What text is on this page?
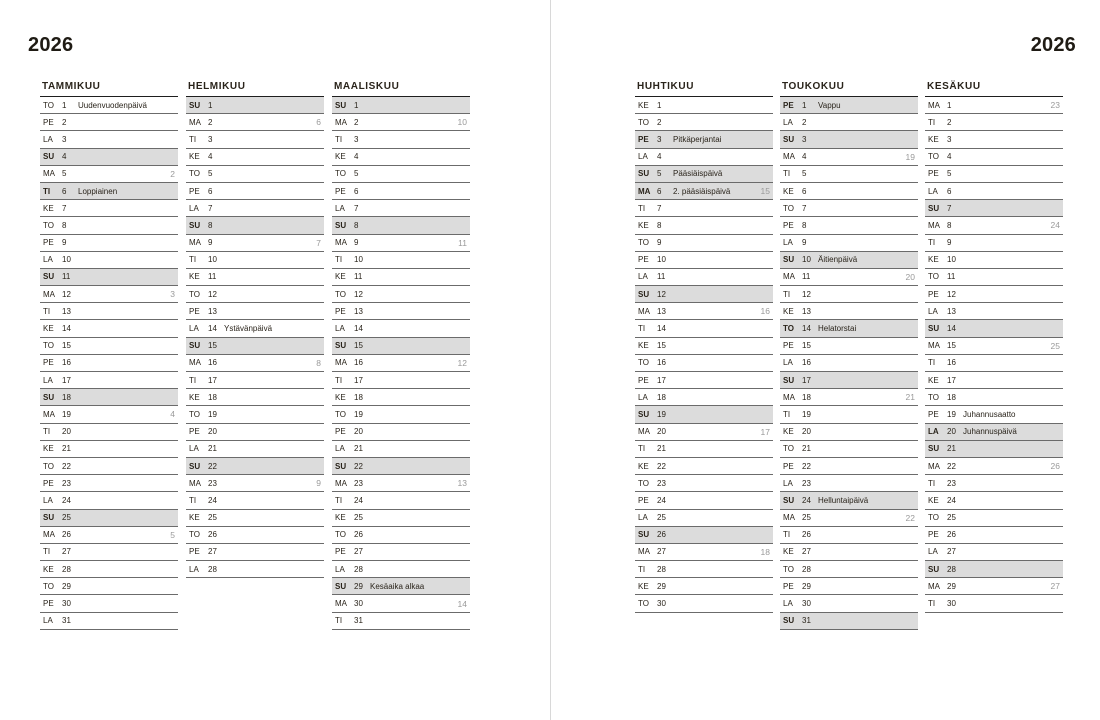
2026	2026
TAMMIKUU
TO	1	Uudenvuodenpäivä
PE	2
LA	3
SU 4
MA 5	2
TI	6	Loppiainen
KE	7
TO	8
PE	9
LA	10
SU 11
MA 12	3
TI	13
KE	14
TO	15
PE	16
LA	17
SU 18
MA 19	4
TI	20
KE	21
TO	22
PE	23
LA	24
SU 25
MA 26	5
TI	27
KE	28
TO	29
PE	30
LA	31
HELMIKUU
SU 1
MA 2	6
TI	3
KE	4
TO	5
PE	6
LA	7
SU 8
MA 9	7
TI	10
KE	11
TO	12
PE	13
LA	14 Ystävänpäivä
SU 15
MA 16	8
TI	17
KE	18
TO	19
PE	20
LA	21
SU 22
MA 23	9
TI	24
KE	25
TO	26
PE	27
LA	28
MAALISKUU
SU 1
MA 2	10
TI	3
KE	4
TO	5
PE	6
LA	7
SU 8
MA 9	11
TI	10
KE	11
TO	12
PE	13
LA	14
SU 15
MA 16	12
TI	17
KE	18
TO	19
PE	20
LA	21
SU 22
MA 23	13
TI	24
KE	25
TO	26
PE	27
LA	28
SU 29 Kesäaika alkaa
MA 30	14
TI	31
HUHTIKUU
KE	1
TO	2
PE	3	Pitkäperjantai
LA	4
SU 5	Pääsiäispäivä
MA 6	2. pääsiäispäivä	15
TI	7
KE	8
TO	9
PE	10
LA	11
SU 12
MA 13	16
TI	14
KE	15
TO	16
PE	17
LA	18
SU 19
MA 20	17
TI	21
KE	22
TO	23
PE	24
LA	25
SU 26
MA 27	18
TI	28
KE	29
TO	30
TOUKOKUU
PE	1	Vappu
LA	2
SU 3
MA 4	19
TI	5
KE	6
TO	7
PE	8
LA	9
SU 10 Äitienpäivä
MA 11	20
TI	12
KE	13
TO	14 Helatorstai
PE	15
LA	16
SU 17
MA 18	21
TI	19
KE	20
TO	21
PE	22
LA	23
SU 24 Helluntaipäivä
MA 25	22
TI	26
KE	27
TO	28
PE	29
LA	30
SU 31
KESÄKUU
MA 1	23
TI	2
KE	3
TO	4
PE	5
LA	6
SU 7
MA 8	24
TI	9
KE	10
TO	11
PE	12
LA	13
SU 14
MA 15	25
TI	16
KE	17
TO	18
PE	19 Juhannusaatto
LA	20 Juhannuspäivä
SU 21
MA 22	26
TI	23
KE	24
TO	25
PE	26
LA	27
SU 28
MA 29	27
TI	30
